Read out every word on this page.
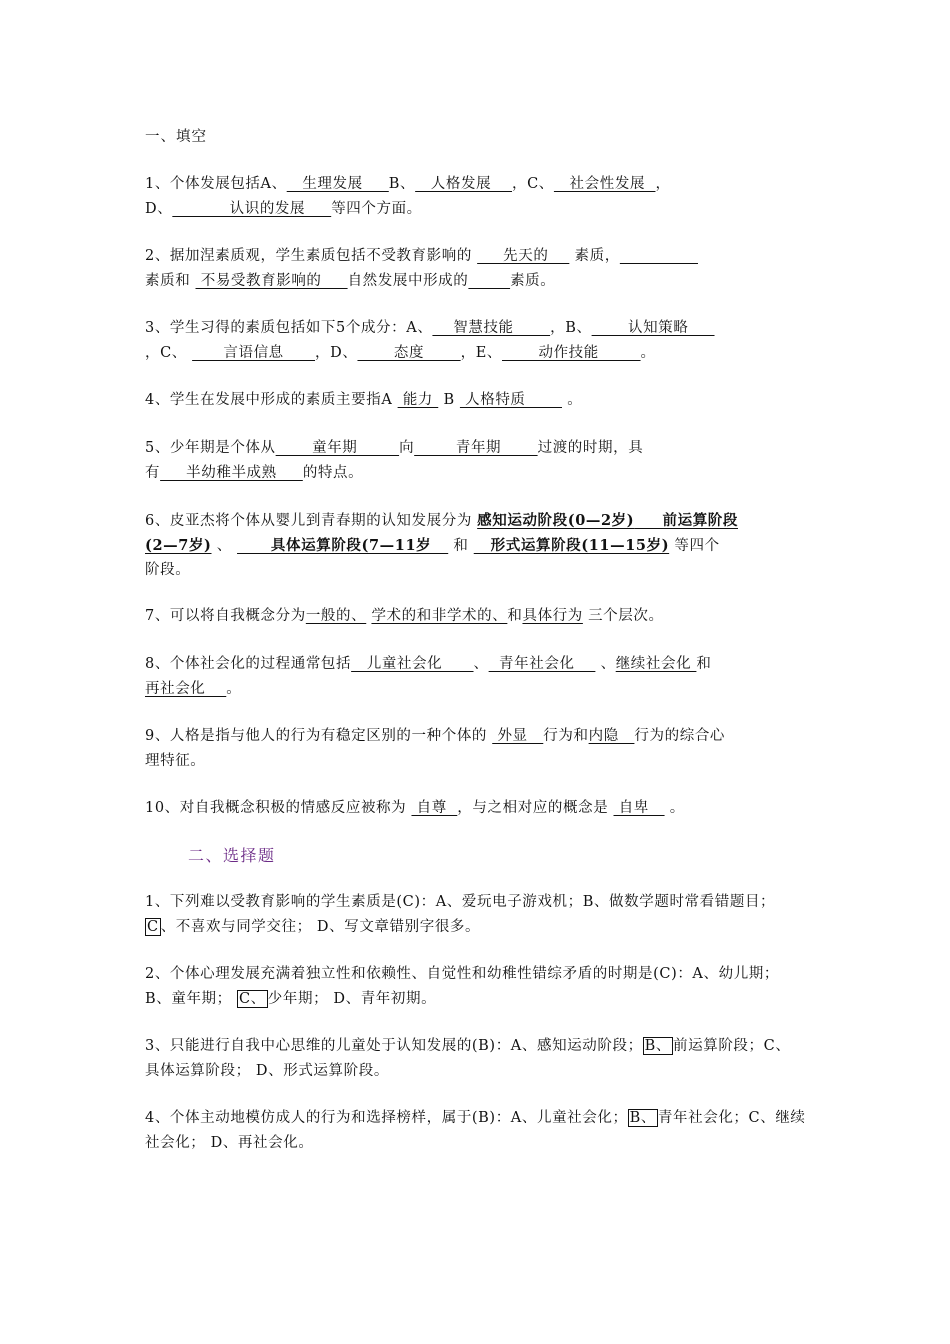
一、填空
1、个体发展包括A、   生理发展     B、   人格发展    ，C、   社会性发展  ，
D、           认识的发展     等四个方面。
2、据加涅素质观，学生素质包括不受教育影响的      先天的     素质，
素质和  不易受教育影响的     自然发展中形成的	素质。
3、学生习得的素质包括如下5个成分：A、    智慧技能       ，B、       认知策略
，C、       言语信息      ，D、       态度       ，E、       动作技能        。
4、学生在发展中形成的素质主要指A  能力  B  人格特质        。
5、少年期是个体从       童年期        向        青年期       过渡的时期，具
有     半幼稚半成熟     的特点。
6、皮亚杰将个体从婴儿到青春期的认知发展分为 感知运动阶段(0—2岁)     前运算阶段
(2—7岁) 、       具体运算阶段(7—11岁    和    形式运算阶段(11—15岁) 等四个
阶段。
7、可以将自我概念分为一般的、 学术的和非学术的、和具体行为 三个层次。
8、个体社会化的过程通常包括   儿童社会化      、  青年社会化     、继续社会化 和
再社会化    。
9、人格是指与他人的行为有稳定区别的一种个体的  外显   行为和内隐   行为的综合心
理特征。
10、对自我概念积极的情感反应被称为  自尊  ，与之相对应的概念是  自卑    。
二、选择题
1、下列难以受教育影响的学生素质是(C)：A、爱玩电子游戏机；B、做数学题时常看错题目；
C 、不喜欢与同学交往； D、写文章错别字很多。
2、个体心理发展充满着独立性和依赖性、自觉性和幼稚性错综矛盾的时期是(C)：A、幼儿期；
B、童年期； C、 少年期； D、青年初期。
3、只能进行自我中心思维的儿童处于认知发展的(B)：A、感知运动阶段； B、 前运算阶段；C、
具体运算阶段； D、形式运算阶段。
4、个体主动地模仿成人的行为和选择榜样，属于(B)：A、儿童社会化； B、 青年社会化；C、继续
社会化； D、再社会化。
